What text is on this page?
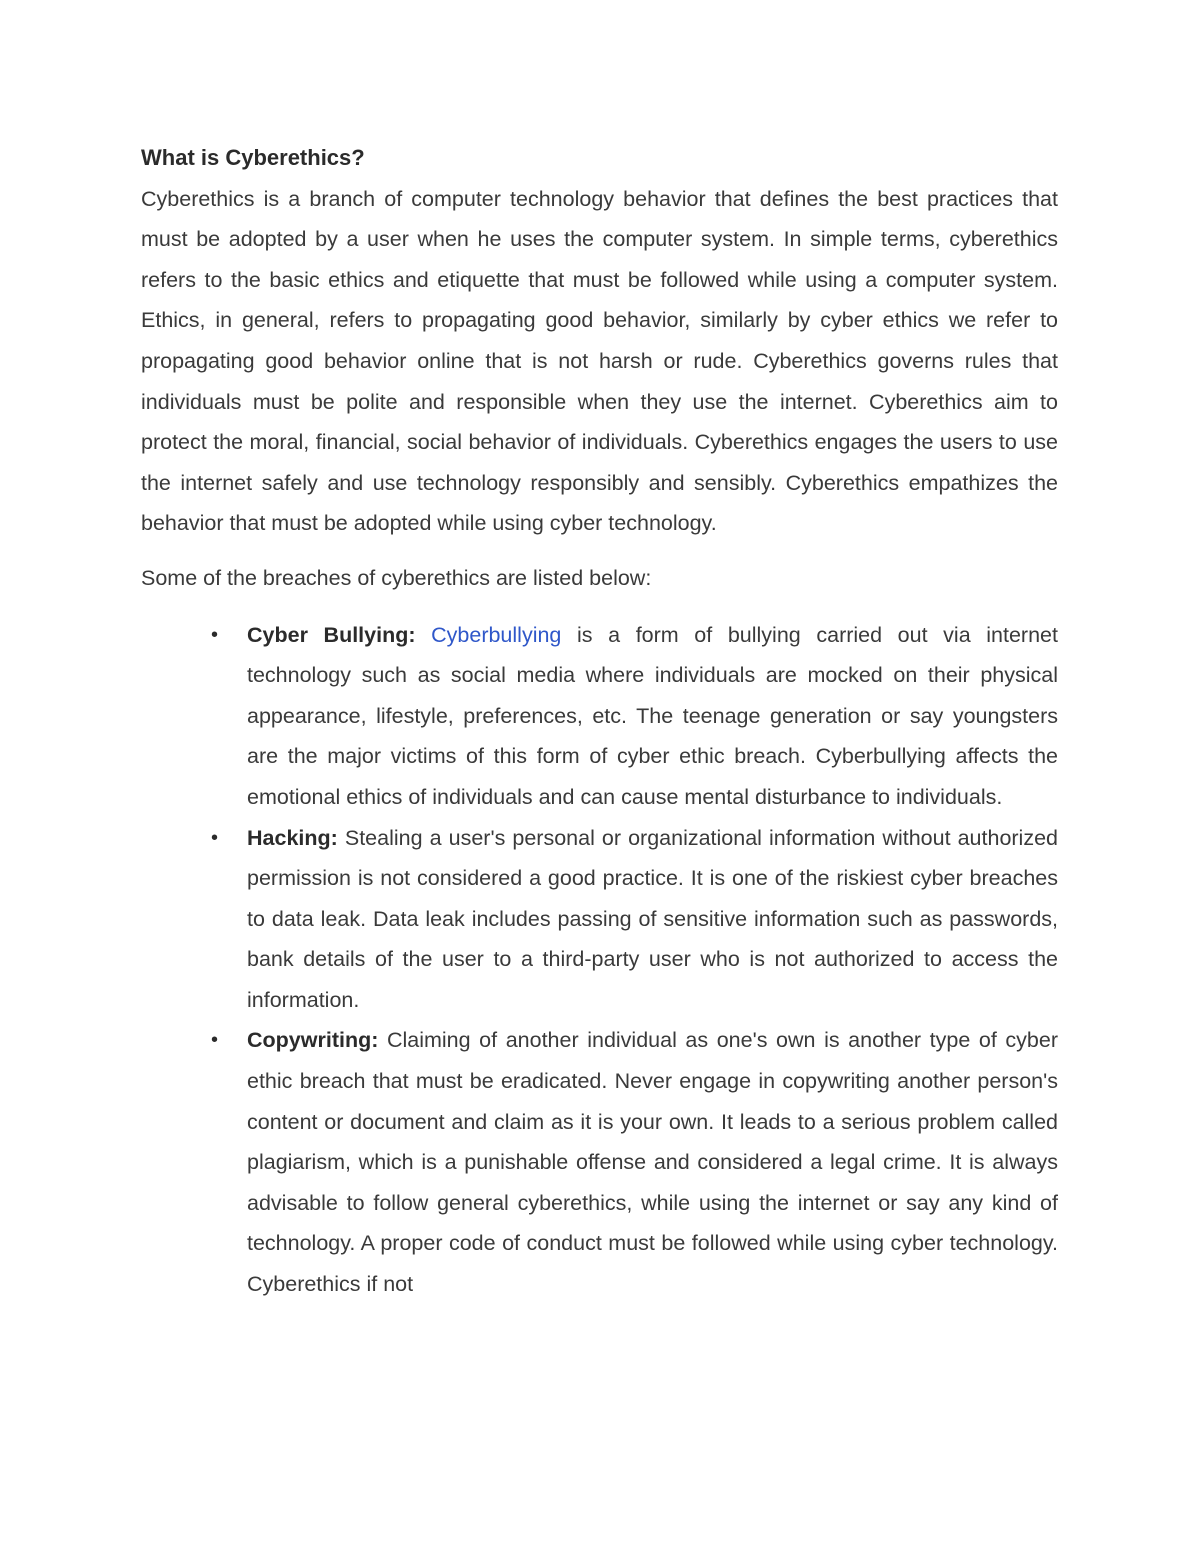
What is Cyberethics?

Cyberethics is a branch of computer technology behavior that defines the best practices that must be adopted by a user when he uses the computer system. In simple terms, cyberethics refers to the basic ethics and etiquette that must be followed while using a computer system. Ethics, in general, refers to propagating good behavior, similarly by cyber ethics we refer to propagating good behavior online that is not harsh or rude. Cyberethics governs rules that individuals must be polite and responsible when they use the internet. Cyberethics aim to protect the moral, financial, social behavior of individuals. Cyberethics engages the users to use the internet safely and use technology responsibly and sensibly. Cyberethics empathizes the behavior that must be adopted while using cyber technology.

Some of the breaches of cyberethics are listed below:

• Cyber Bullying: Cyberbullying is a form of bullying carried out via internet technology such as social media where individuals are mocked on their physical appearance, lifestyle, preferences, etc. The teenage generation or say youngsters are the major victims of this form of cyber ethic breach. Cyberbullying affects the emotional ethics of individuals and can cause mental disturbance to individuals.
• Hacking: Stealing a user's personal or organizational information without authorized permission is not considered a good practice. It is one of the riskiest cyber breaches to data leak. Data leak includes passing of sensitive information such as passwords, bank details of the user to a third-party user who is not authorized to access the information.
• Copywriting: Claiming of another individual as one's own is another type of cyber ethic breach that must be eradicated. Never engage in copywriting another person's content or document and claim as it is your own. It leads to a serious problem called plagiarism, which is a punishable offense and considered a legal crime. It is always advisable to follow general cyberethics, while using the internet or say any kind of technology. A proper code of conduct must be followed while using cyber technology. Cyberethics if not
